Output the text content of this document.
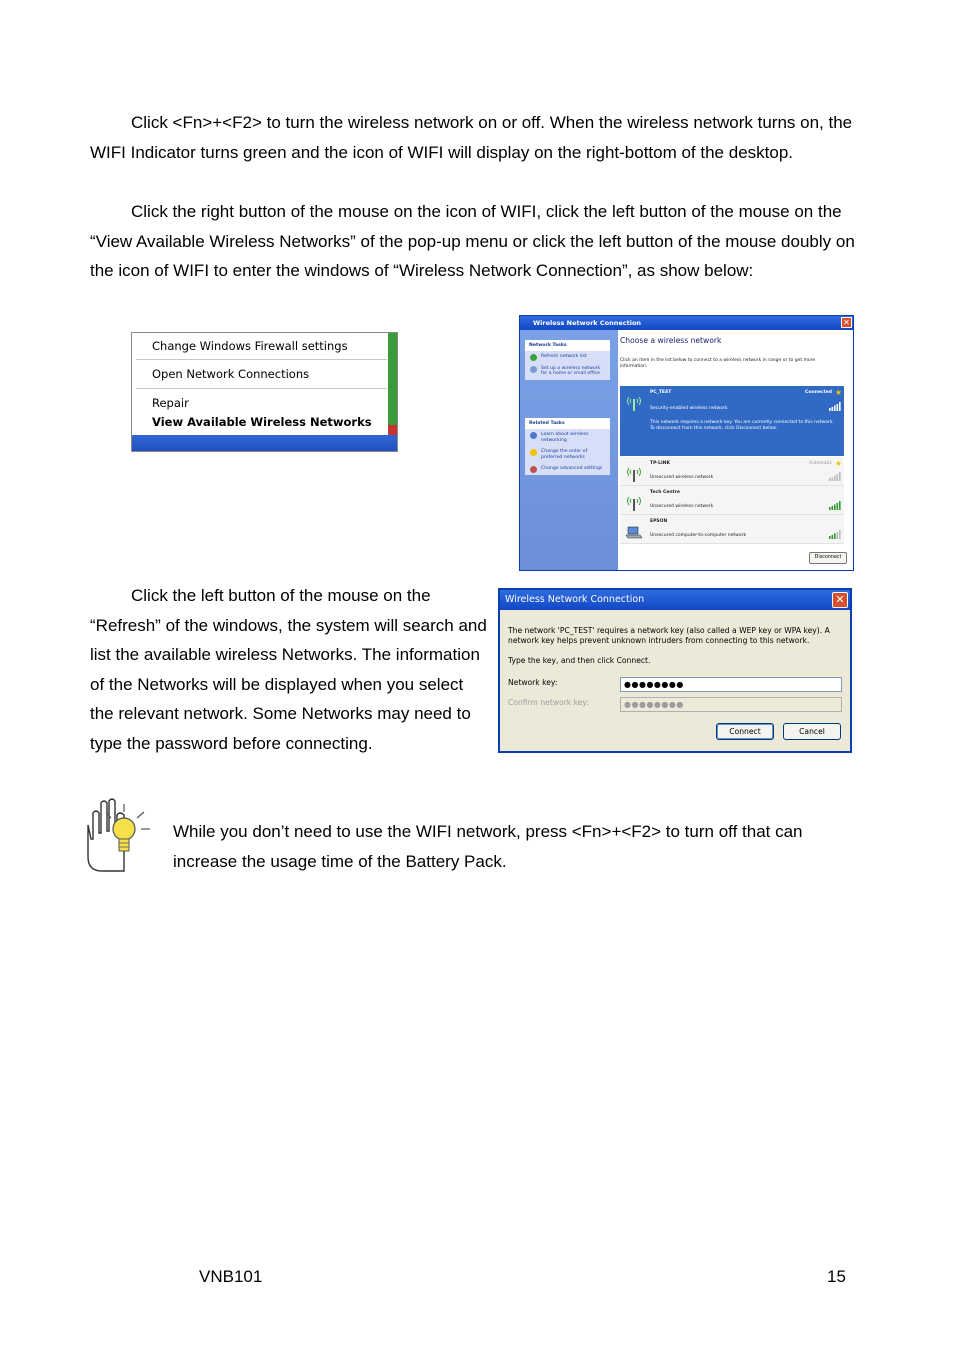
Click <Fn>+<F2> to turn the wireless network on or off. When the wireless network turns on, the WIFI Indicator turns green and the icon of WIFI will display on the right-bottom of the desktop.

Click the right button of the mouse on the icon of WIFI, click the left button of the mouse on the “View Available Wireless Networks” of the pop-up menu or click the left button of the mouse doubly on the icon of WIFI to enter the windows of “Wireless Network Connection”, as show below:

Change Windows Firewall settings
Open Network Connections
Repair
View Available Wireless Networks
Wireless Network Connection	✕
Network Tasks
Refresh network list
Set up a wireless network for a home or small office
Related Tasks
Learn about wireless networking
Change the order of preferred networks
Change advanced settings
Choose a wireless network
Click an item in the list below to connect to a wireless network in range or to get more information.
PC_TEST	Connected ★
Security-enabled wireless network
This network requires a network key. You are currently connected to this network. To disconnect from this network, click Disconnect below.
TP-LINK	Automatic ★
Unsecured wireless network
Tech Centre
Unsecured wireless network
EPSON
Unsecured computer-to-computer network
Disconnect

Click the left button of the mouse on the “Refresh” of the windows, the system will search and list the available wireless Networks. The information of the Networks will be displayed when you select the relevant network. Some Networks may need to type the password before connecting.

Wireless Network Connection	✕
The network 'PC_TEST' requires a network key (also called a WEP key or WPA key). A network key helps prevent unknown intruders from connecting to this network.
Type the key, and then click Connect.
Network key:	●●●●●●●●
Confirm network key:	●●●●●●●●
Connect	Cancel

While you don’t need to use the WIFI network, press <Fn>+<F2> to turn off that can increase the usage time of the Battery Pack.

VNB101	15
